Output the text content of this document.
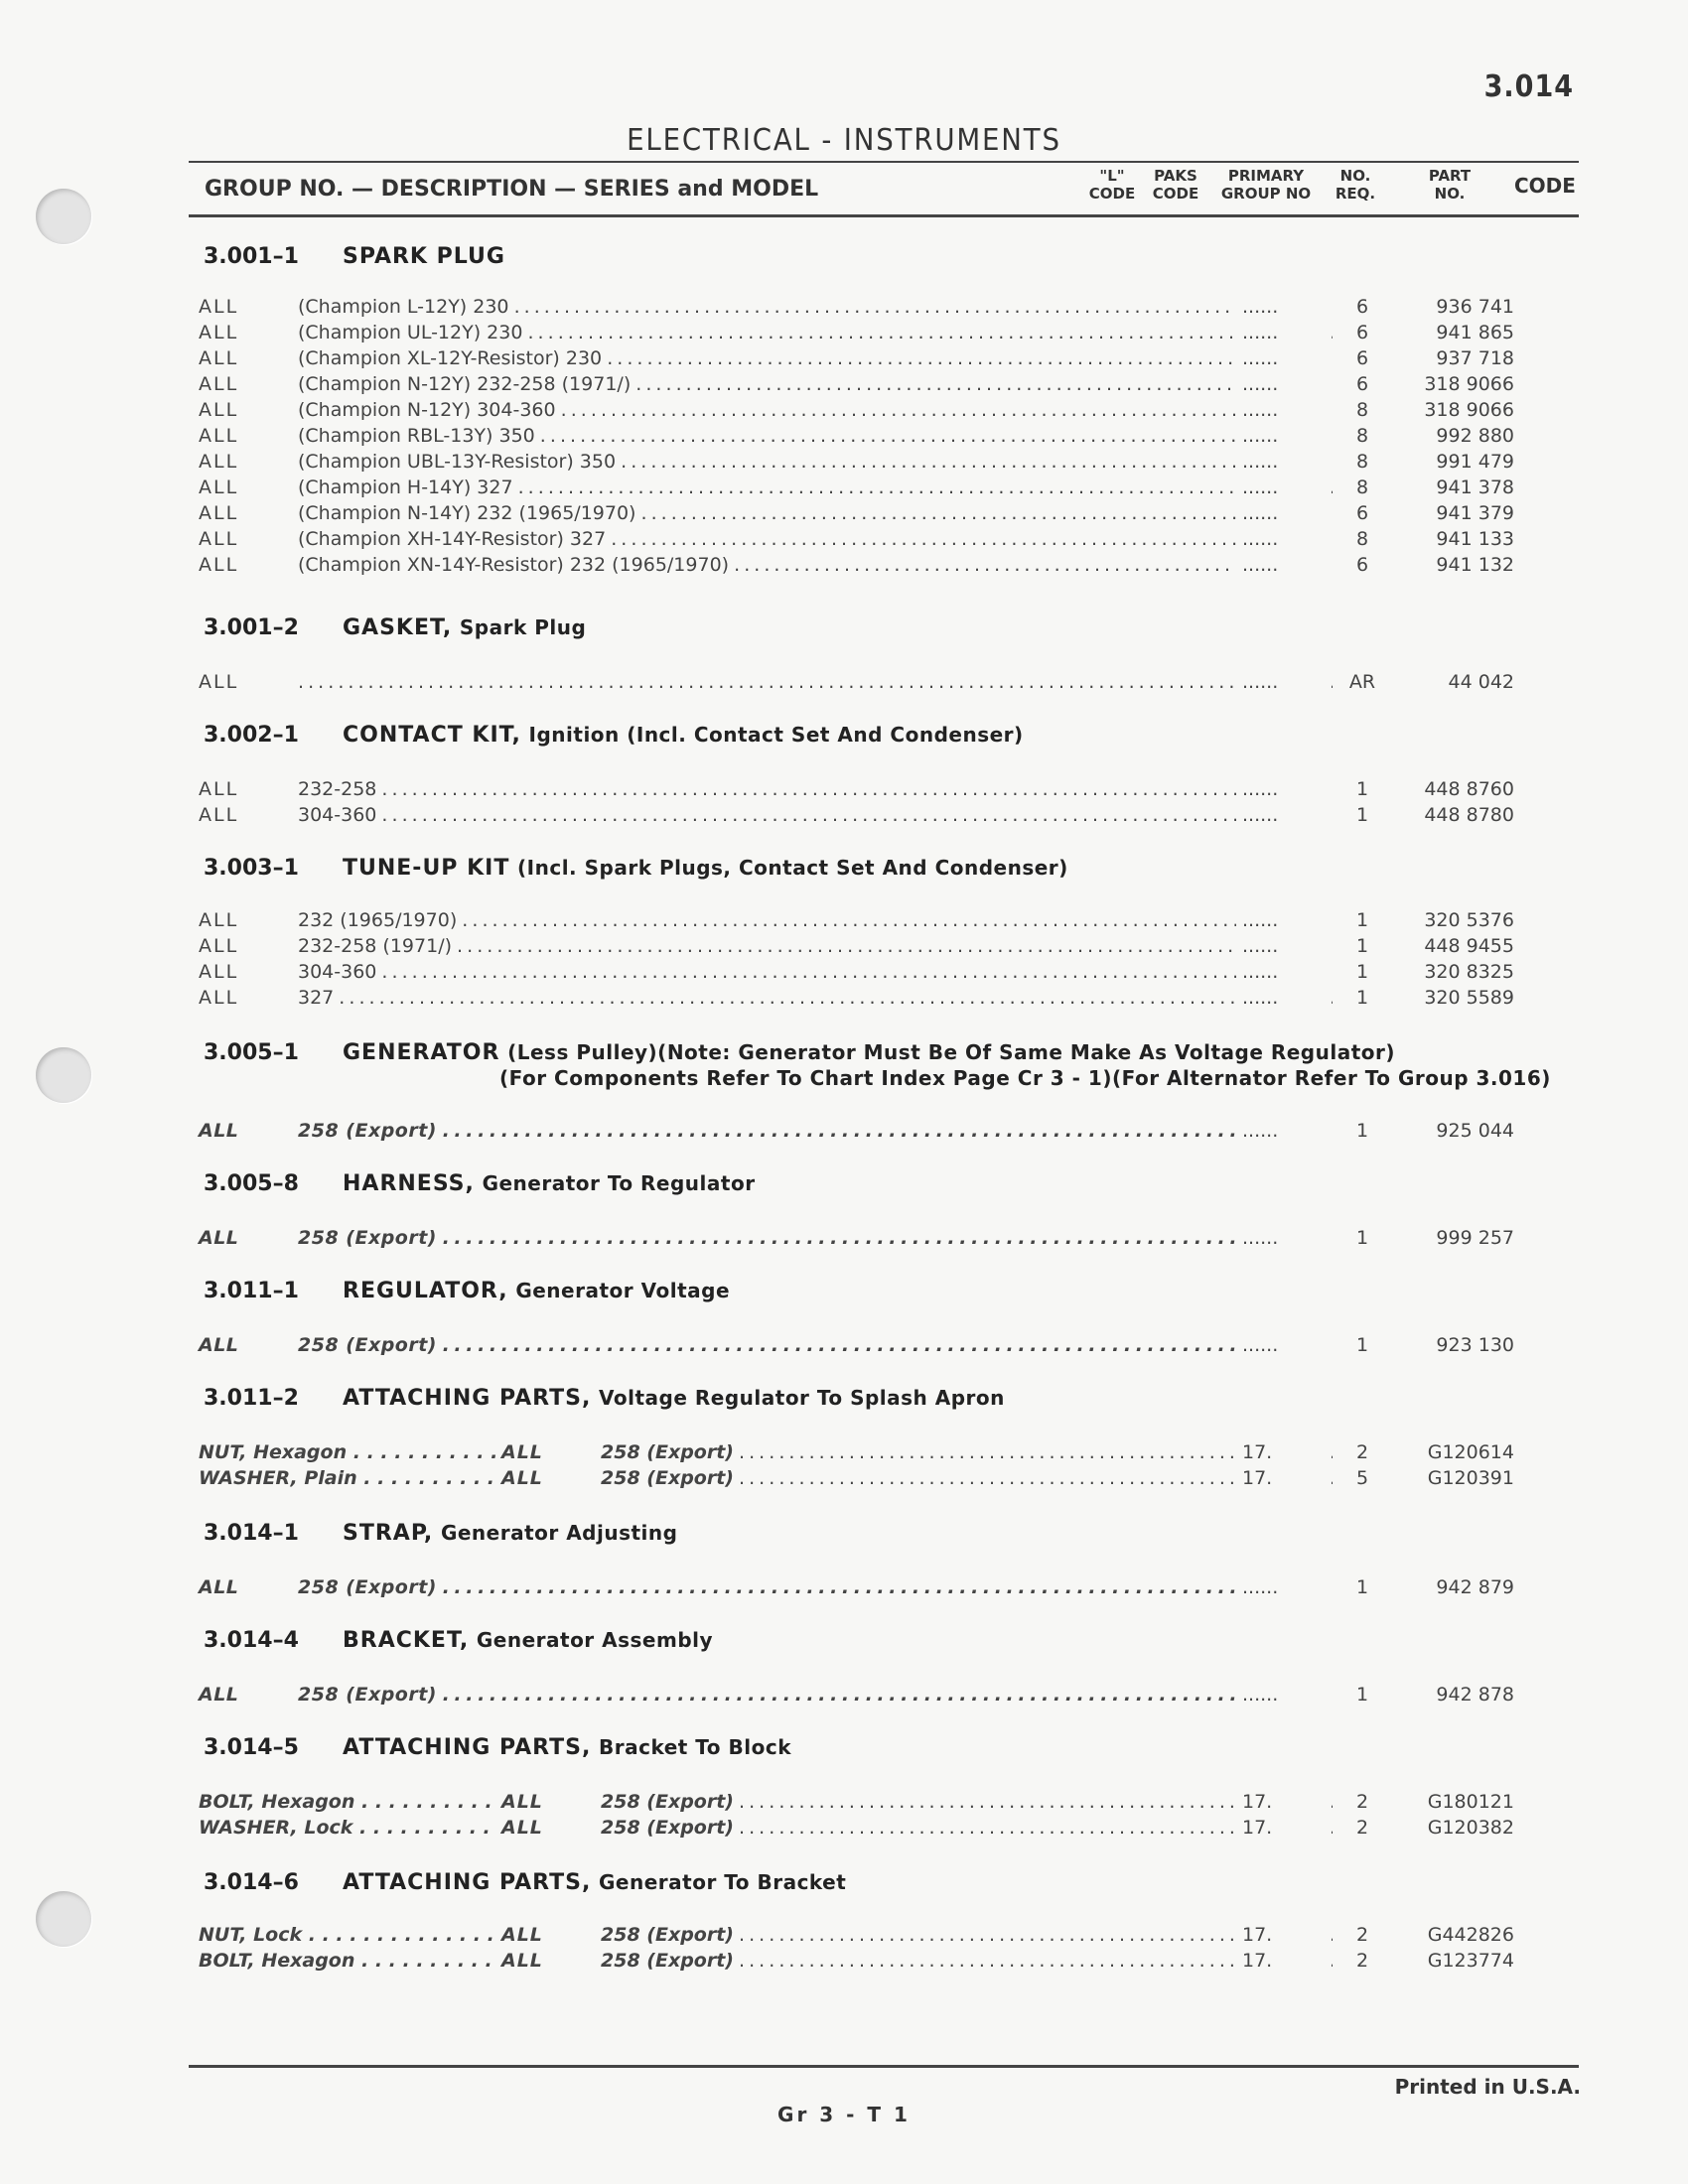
3.014
ELECTRICAL - INSTRUMENTS
GROUP NO. — DESCRIPTION — SERIES and MODEL
"L"
CODE
PAKS
CODE
PRIMARY
GROUP NO
NO.
REQ.
PART
NO.	CODE
3.001–1 SPARK PLUG
ALL	(Champion L-12Y) 230 . . .	......	6	936 741
ALL	(Champion UL-12Y) 230 . . .	......	6	941 865
ALL	(Champion XL-12Y-Resistor) 230 . . .	......	6	937 718
ALL	(Champion N-12Y) 232-258 (1971/) . . .	......	6	318 9066
ALL	(Champion N-12Y) 304-360 . . .	......	8	318 9066
ALL	(Champion RBL-13Y) 350 . . .	......	8	992 880
ALL	(Champion UBL-13Y-Resistor) 350 . . .	......	8	991 479
ALL	(Champion H-14Y) 327 . . .	......	8	941 378
ALL	(Champion N-14Y) 232 (1965/1970) . . .	......	6	941 379
ALL	(Champion XH-14Y-Resistor) 327 . . .	......	8	941 133
ALL	(Champion XN-14Y-Resistor) 232 (1965/1970) . . .	......	6	941 132
3.001–2 GASKET, Spark Plug
ALL
. . .	......	AR	44 042
3.002–1 CONTACT KIT, Ignition (Incl. Contact Set And Condenser)
ALL	232-258 . . .	......	1	448 8760
ALL	304-360 . . .	......	1	448 8780
3.003–1 TUNE-UP KIT (Incl. Spark Plugs, Contact Set And Condenser)
ALL	232 (1965/1970) . . .	......	1	320 5376
ALL	232-258 (1971/) . . .	......	1	448 9455
ALL	304-360 . . .	......	1	320 8325
ALL	327 . . .	......	1	320 5589
3.005–1 GENERATOR (Less Pulley)(Note: Generator Must Be Of Same Make As Voltage Regulator)
(For Components Refer To Chart Index Page Cr 3 - 1)(For Alternator Refer To Group 3.016)
ALL	258 (Export) . . .	......	1	925 044
3.005–8 HARNESS, Generator To Regulator
ALL	258 (Export) . . .	......	1	999 257
3.011–1 REGULATOR, Generator Voltage
ALL	258 (Export) . . .	......	1	923 130
3.011–2 ATTACHING PARTS, Voltage Regulator To Splash Apron
NUT, Hexagon . . .	ALL	258 (Export) . . .	17.	2	G120614
WASHER, Plain . . .	ALL	258 (Export) . . .	17.	5	G120391
3.014–1 STRAP, Generator Adjusting
ALL	258 (Export) . . .	......	1	942 879
3.014–4 BRACKET, Generator Assembly
ALL	258 (Export) . . .	......	1	942 878
3.014–5 ATTACHING PARTS, Bracket To Block
BOLT, Hexagon . . .	ALL	258 (Export) . . .	17.	2	G180121
WASHER, Lock . . .	ALL	258 (Export) . . .	17.	2	G120382
3.014–6 ATTACHING PARTS, Generator To Bracket
NUT, Lock . . .	ALL	258 (Export) . . .	17.	2	G442826
BOLT, Hexagon . . .	ALL	258 (Export) . . .	17.	2	G123774
Printed in U.S.A.
Gr 3 - T 1
